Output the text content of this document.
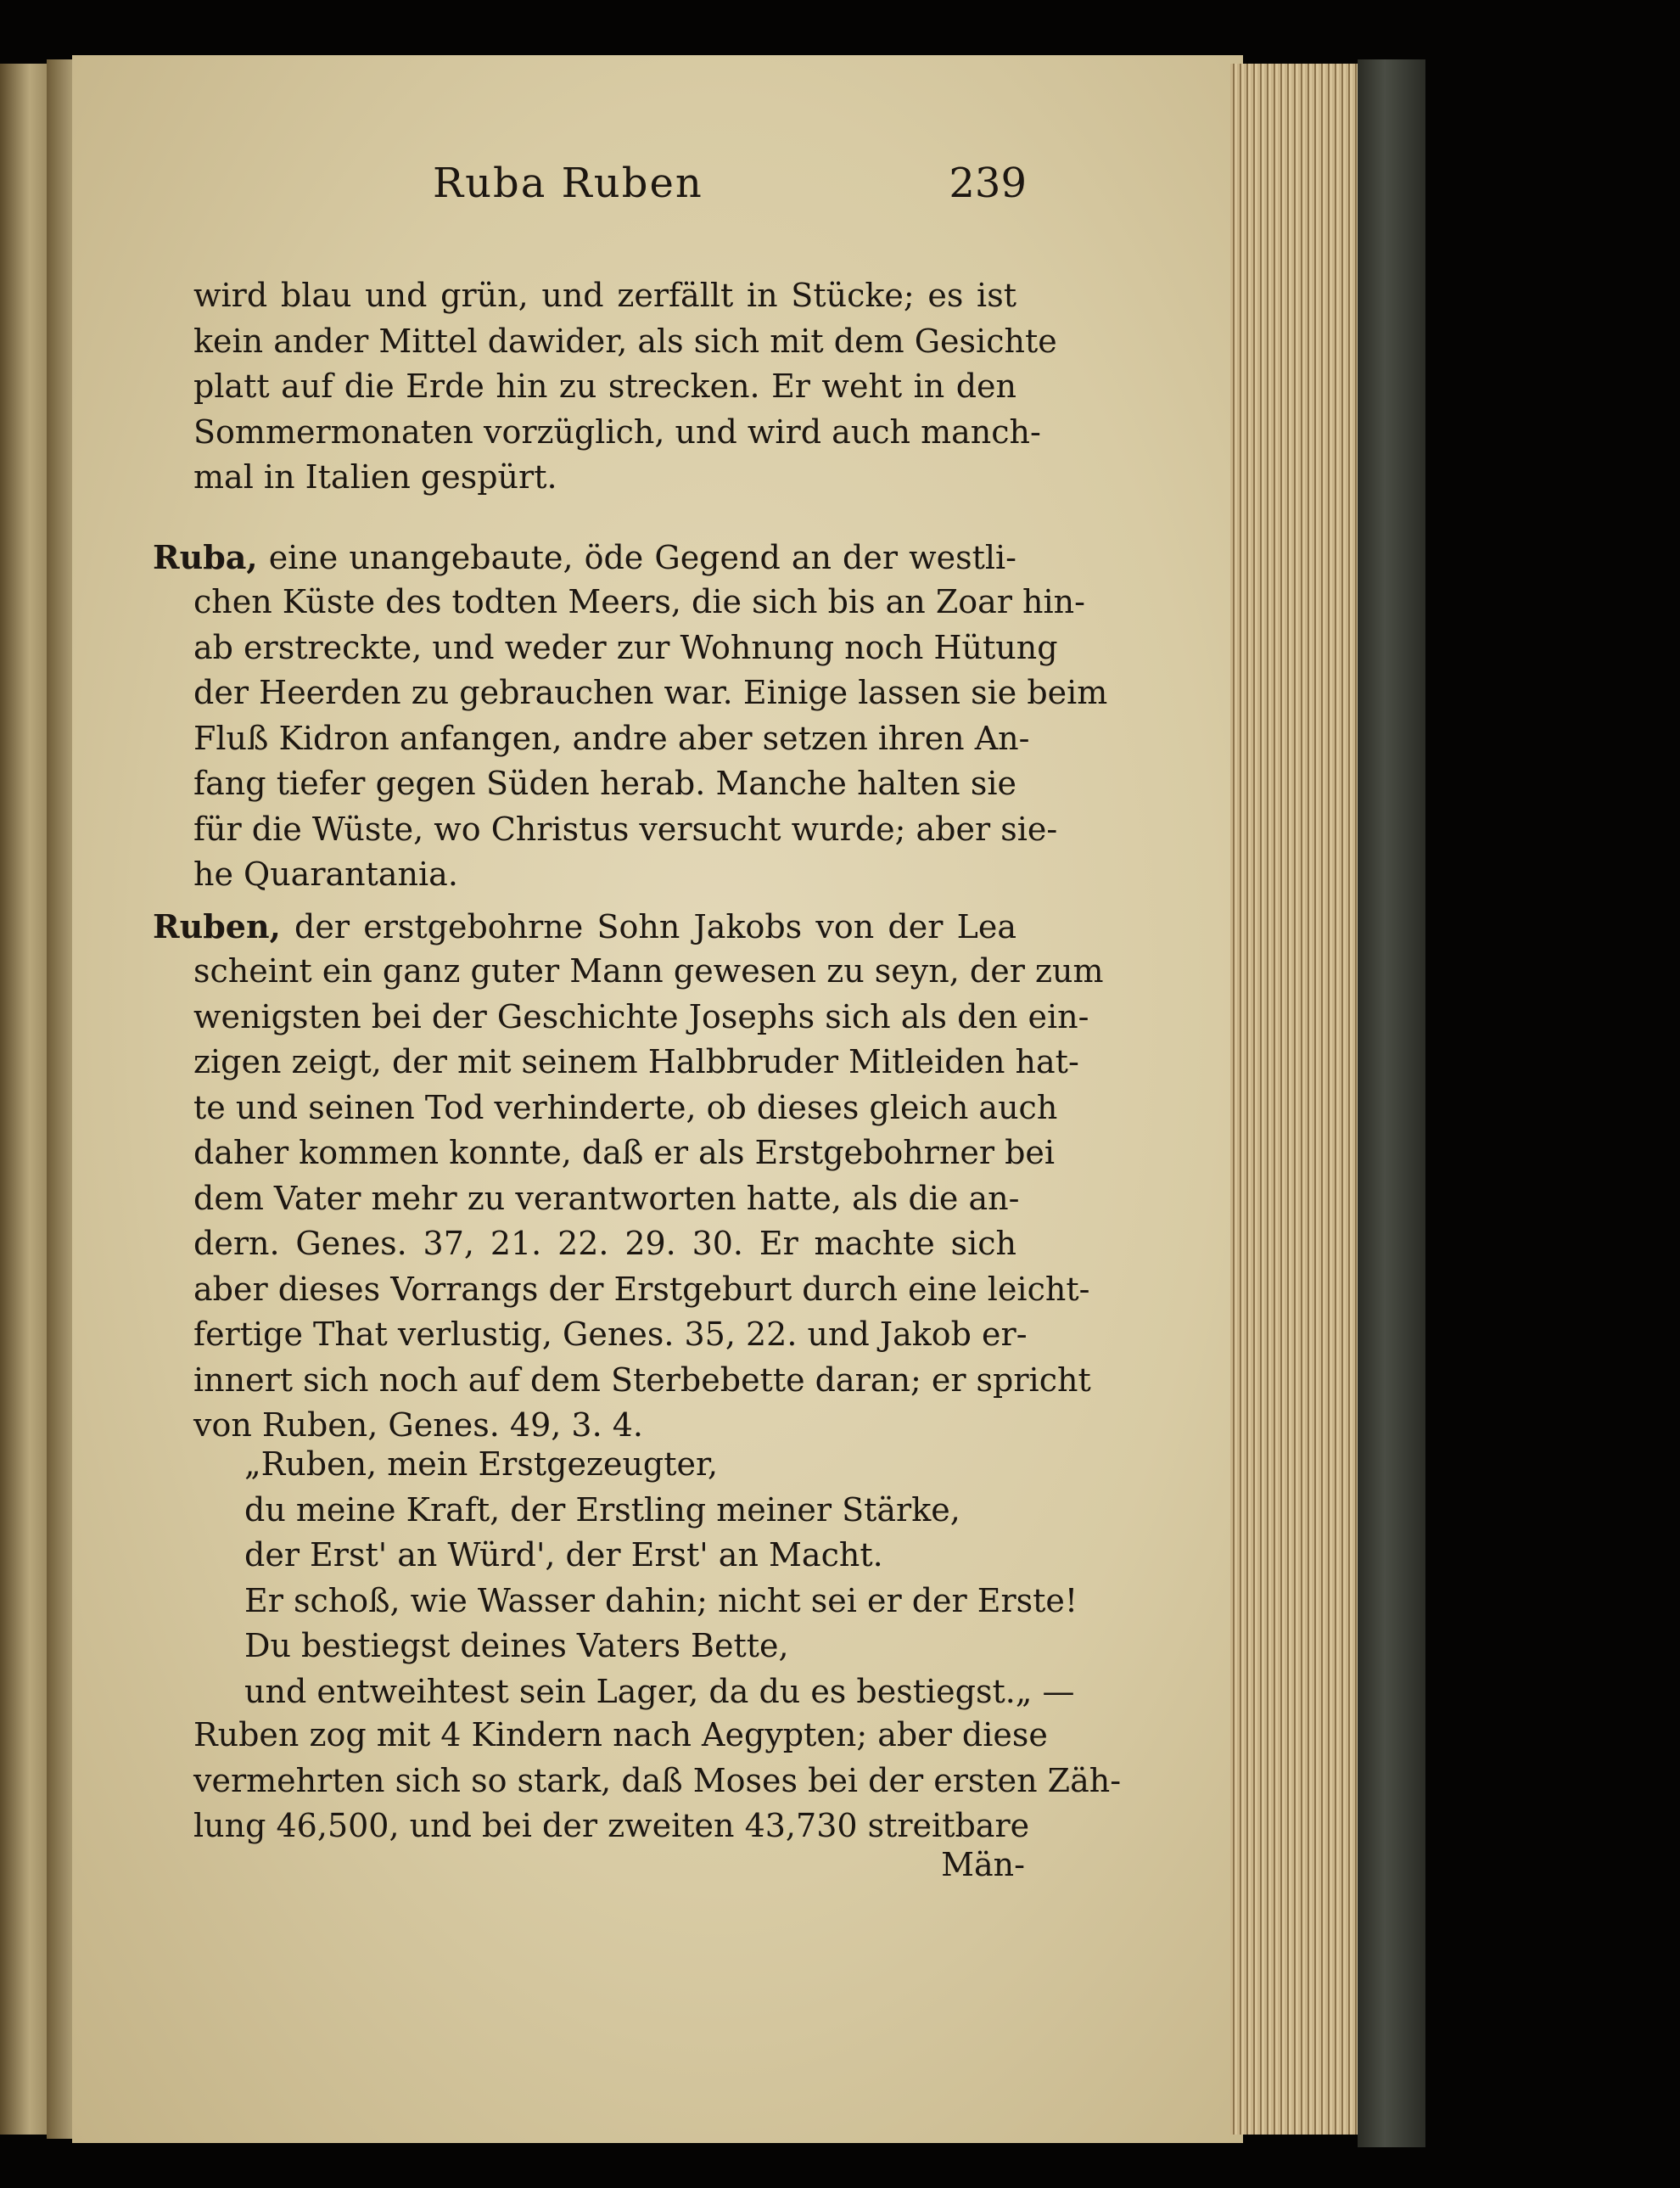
Ruba Ruben	239
wird blau und grün, und zerfällt in Stücke; es ist
kein ander Mittel dawider, als sich mit dem Gesichte
platt auf die Erde hin zu strecken. Er weht in den
Sommermonaten vorzüglich, und wird auch manch-
mal in Italien gespürt.
Ruba, eine unangebaute, öde Gegend an der westli-
chen Küste des todten Meers, die sich bis an Zoar hin-
ab erstreckte, und weder zur Wohnung noch Hütung
der Heerden zu gebrauchen war. Einige lassen sie beim
Fluß Kidron anfangen, andre aber setzen ihren An-
fang tiefer gegen Süden herab. Manche halten sie
für die Wüste, wo Christus versucht wurde; aber sie-
he Quarantania.
Ruben, der erstgebohrne Sohn Jakobs von der Lea
scheint ein ganz guter Mann gewesen zu seyn, der zum
wenigsten bei der Geschichte Josephs sich als den ein-
zigen zeigt, der mit seinem Halbbruder Mitleiden hat-
te und seinen Tod verhinderte, ob dieses gleich auch
daher kommen konnte, daß er als Erstgebohrner bei
dem Vater mehr zu verantworten hatte, als die an-
dern. Genes. 37, 21. 22. 29. 30. Er machte sich
aber dieses Vorrangs der Erstgeburt durch eine leicht-
fertige That verlustig, Genes. 35, 22. und Jakob er-
innert sich noch auf dem Sterbebette daran; er spricht
von Ruben, Genes. 49, 3. 4.
„Ruben, mein Erstgezeugter,
du meine Kraft, der Erstling meiner Stärke,
der Erst' an Würd', der Erst' an Macht.
Er schoß, wie Wasser dahin; nicht sei er der Erste!
Du bestiegst deines Vaters Bette,
und entweihtest sein Lager, da du es bestiegst.„ —
Ruben zog mit 4 Kindern nach Aegypten; aber diese
vermehrten sich so stark, daß Moses bei der ersten Zäh-
lung 46,500, und bei der zweiten 43,730 streitbare
Män-
